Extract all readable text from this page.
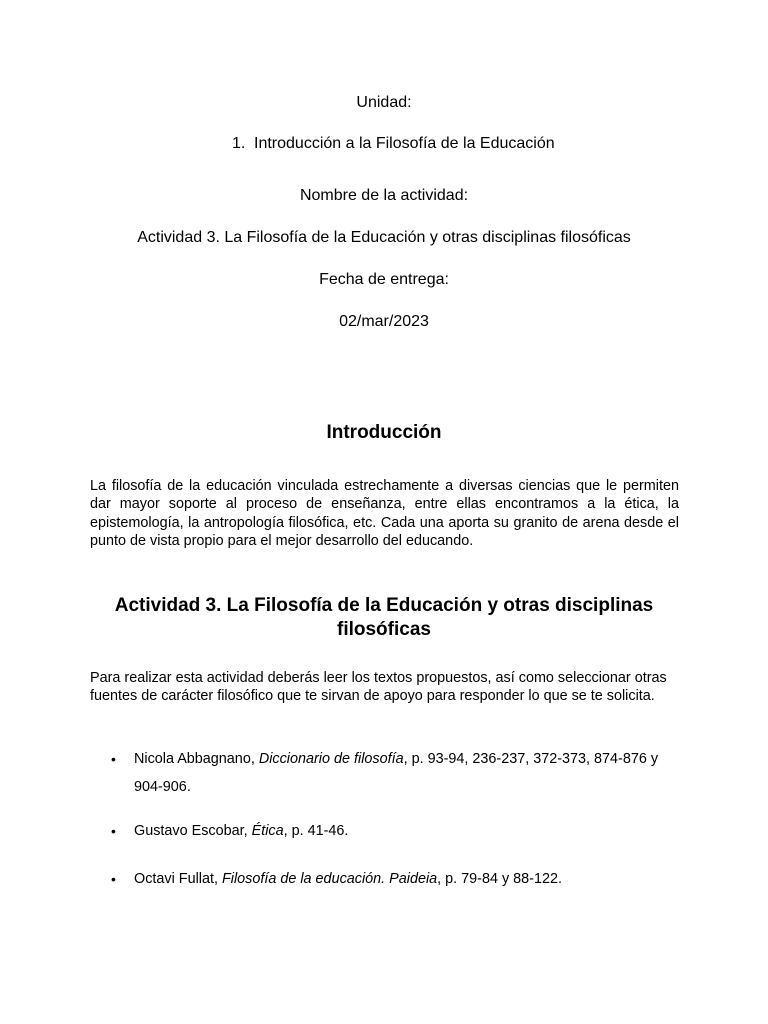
Unidad:
1. Introducción a la Filosofía de la Educación
Nombre de la actividad:
Actividad 3. La Filosofía de la Educación y otras disciplinas filosóficas
Fecha de entrega:
02/mar/2023
Introducción

La filosofía de la educación vinculada estrechamente a diversas ciencias que le permiten dar mayor soporte al proceso de enseñanza, entre ellas encontramos a la ética, la epistemología, la antropología filosófica, etc. Cada una aporta su granito de arena desde el punto de vista propio para el mejor desarrollo del educando.

Actividad 3. La Filosofía de la Educación y otras disciplinas filosóficas

Para realizar esta actividad deberás leer los textos propuestos, así como seleccionar otras fuentes de carácter filosófico que te sirvan de apoyo para responder lo que se te solicita.

• Nicola Abbagnano, Diccionario de filosofía, p. 93-94, 236-237, 372-373, 874-876 y 904-906.
• Gustavo Escobar, Ética, p. 41-46.
• Octavi Fullat, Filosofía de la educación. Paideia, p. 79-84 y 88-122.
